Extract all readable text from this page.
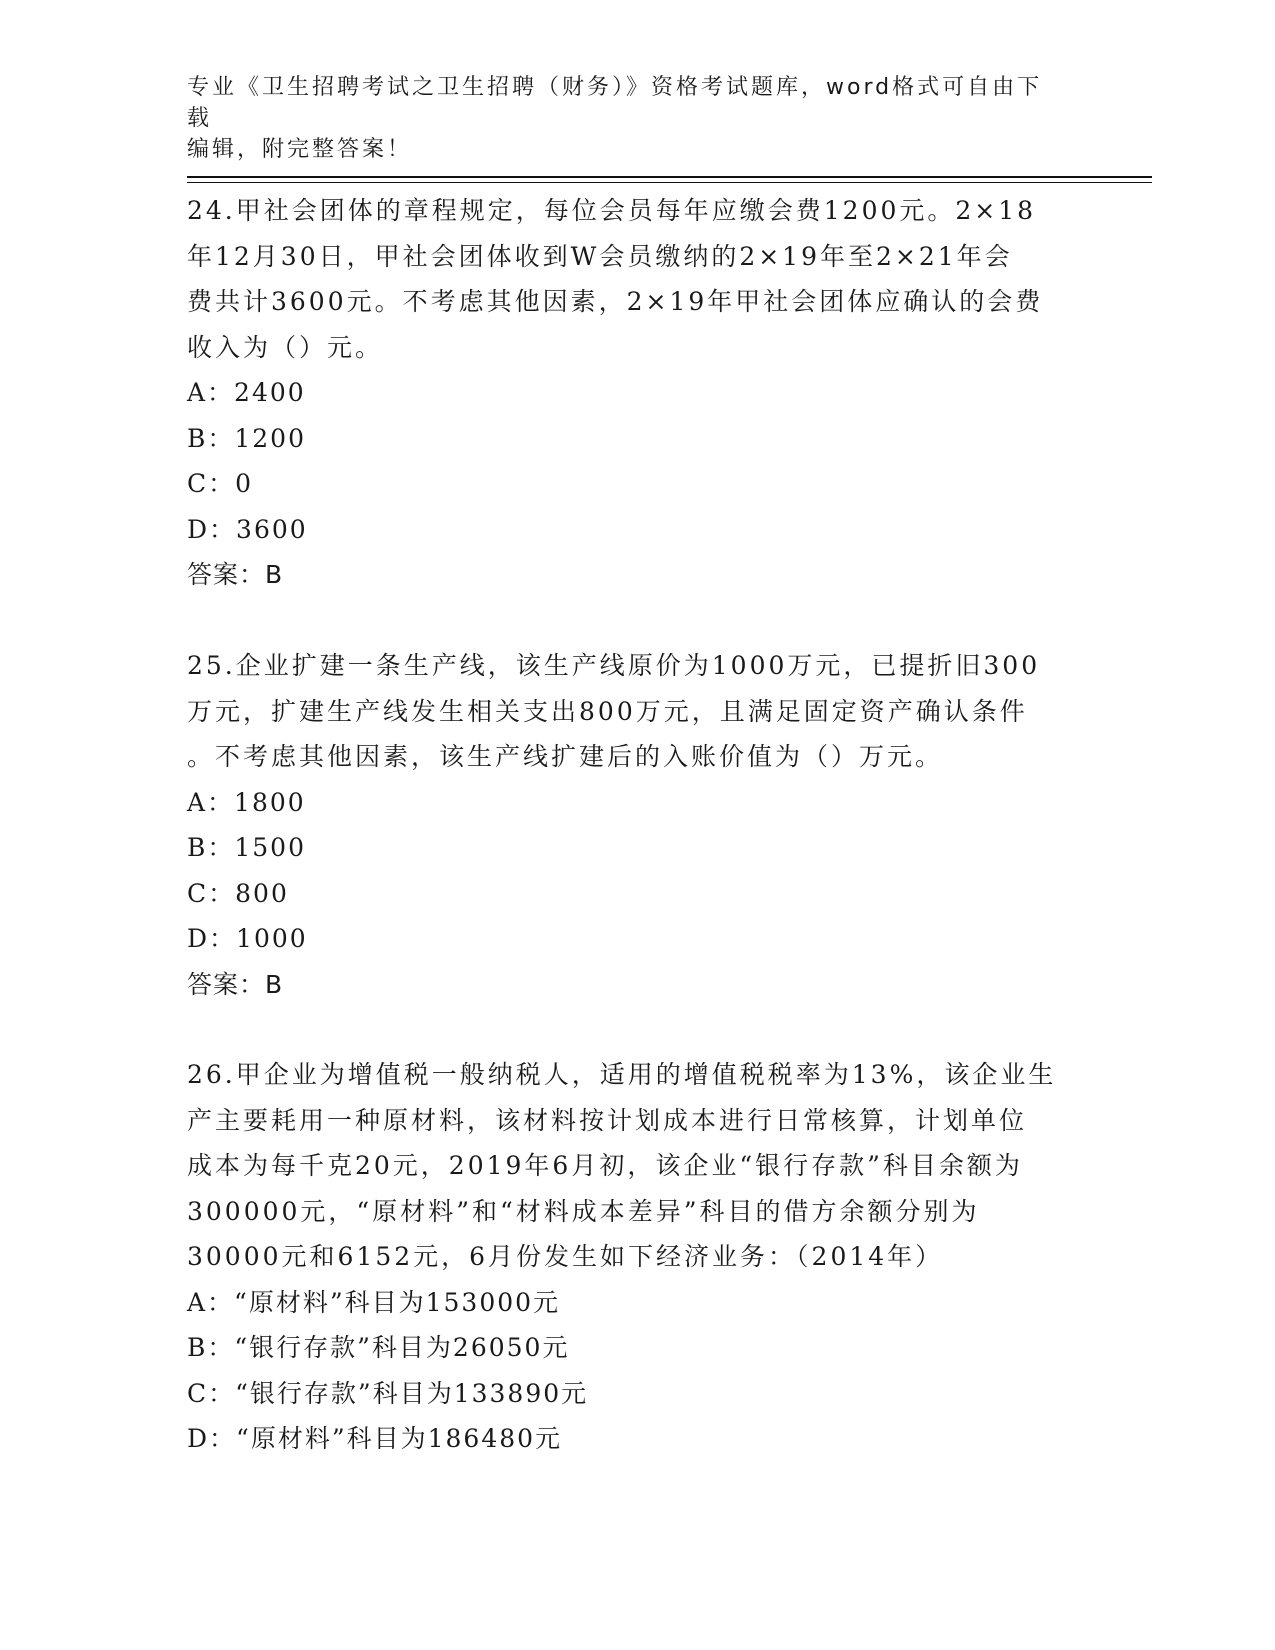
专业《卫生招聘考试之卫生招聘（财务）》资格考试题库，word格式可自由下载
编辑，附完整答案！

24.甲社会团体的章程规定，每位会员每年应缴会费1200元。2×18

年12月30日，甲社会团体收到W会员缴纳的2×19年至2×21年会

费共计3600元。不考虑其他因素，2×19年甲社会团体应确认的会费

收入为（）元。

A：2400

B：1200

C：0

D：3600

答案：B

25.企业扩建一条生产线，该生产线原价为1000万元，已提折旧300

万元，扩建生产线发生相关支出800万元，且满足固定资产确认条件

。不考虑其他因素，该生产线扩建后的入账价值为（）万元。

A：1800

B：1500

C：800

D：1000

答案：B

26.甲企业为增值税一般纳税人，适用的增值税税率为13%，该企业生

产主要耗用一种原材料，该材料按计划成本进行日常核算，计划单位

成本为每千克20元，2019年6月初，该企业“银行存款”科目余额为

300000元，“原材料”和“材料成本差异”科目的借方余额分别为

30000元和6152元，6月份发生如下经济业务：（2014年）

A：“原材料”科目为153000元

B：“银行存款”科目为26050元

C：“银行存款”科目为133890元

D：“原材料”科目为186480元
